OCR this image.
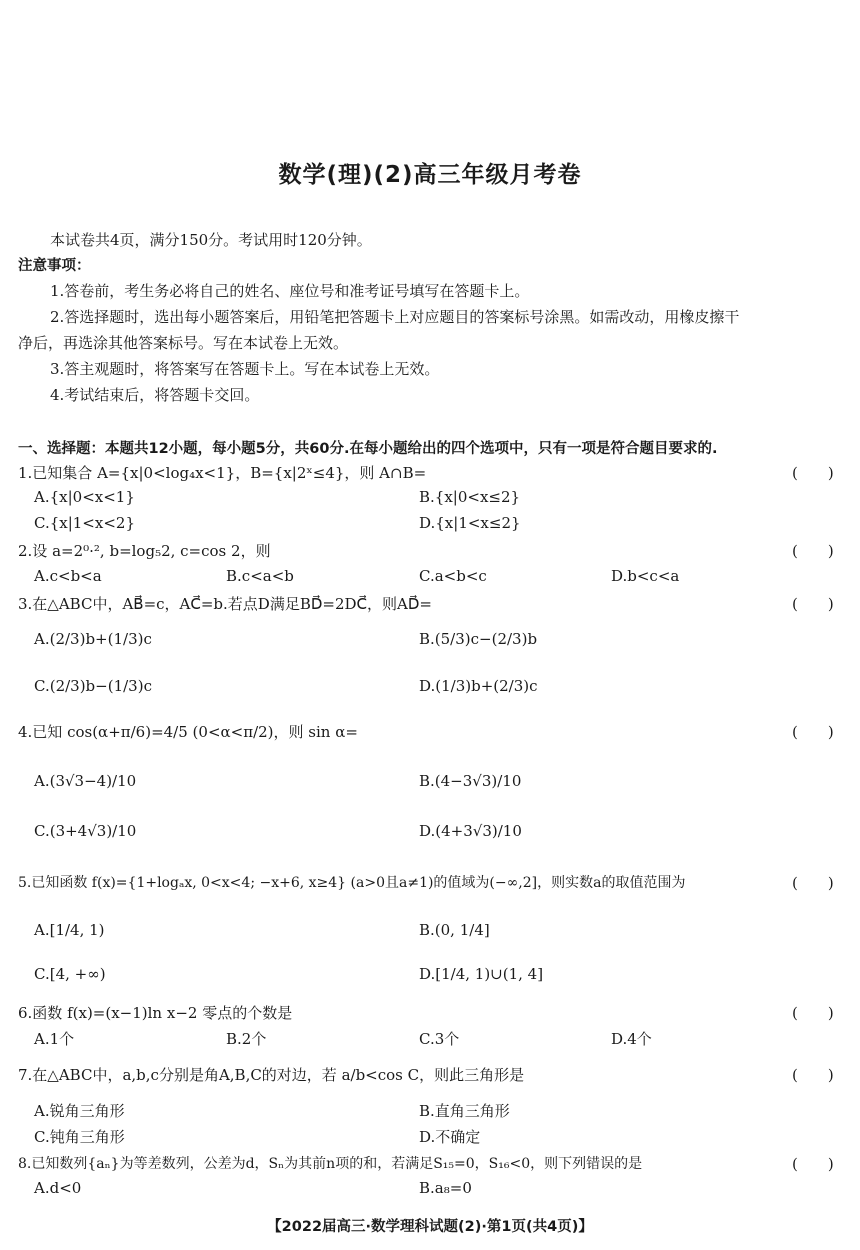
数学(理)(2)高三年级月考卷
本试卷共4页，满分150分。考试用时120分钟。
注意事项：
1.答卷前，考生务必将自己的姓名、座位号和准考证号填写在答题卡上。
2.答选择题时，选出每小题答案后，用铅笔把答题卡上对应题目的答案标号涂黑。如需改动，用橡皮擦干
净后，再选涂其他答案标号。写在本试卷上无效。
3.答主观题时，将答案写在答题卡上。写在本试卷上无效。
4.考试结束后，将答题卡交回。
一、选择题：本题共12小题，每小题5分，共60分.在每小题给出的四个选项中，只有一项是符合题目要求的.
1.已知集合 A={x|0<log₄x<1}，B={x|2ˣ≤4}，则 A∩B=	(　　)
A.{x|0<x<1}	B.{x|0<x≤2}
C.{x|1<x<2}	D.{x|1<x≤2}
2.设 a=2⁰·², b=log₅2, c=cos 2，则	(　　)
A.c<b<a	B.c<a<b	C.a<b<c	D.b<c<a
3.在△ABC中，AB⃗=c，AC⃗=b.若点D满足BD⃗=2DC⃗，则AD⃗=	(　　)
A.(2/3)b+(1/3)c	B.(5/3)c−(2/3)b
C.(2/3)b−(1/3)c	D.(1/3)b+(2/3)c
4.已知 cos(α+π/6)=4/5 (0<α<π/2)，则 sin α=	(　　)
A.(3√3−4)/10	B.(4−3√3)/10
C.(3+4√3)/10	D.(4+3√3)/10
5.已知函数 f(x)={1+logₐx, 0<x<4; −x+6, x≥4} (a>0且a≠1)的值域为(−∞,2]，则实数a的取值范围为	(　　)
A.[1/4, 1)	B.(0, 1/4]
C.[4, +∞)	D.[1/4, 1)∪(1, 4]
6.函数 f(x)=(x−1)ln x−2 零点的个数是	(　　)
A.1个	B.2个	C.3个	D.4个
7.在△ABC中，a,b,c分别是角A,B,C的对边，若 a/b<cos C，则此三角形是	(　　)
A.锐角三角形	B.直角三角形
C.钝角三角形	D.不确定
8.已知数列{aₙ}为等差数列，公差为d，Sₙ为其前n项的和，若满足S₁₅=0，S₁₆<0，则下列错误的是	(　　)
A.d<0	B.a₈=0
【2022届高三·数学理科试题(2)·第1页(共4页)】
